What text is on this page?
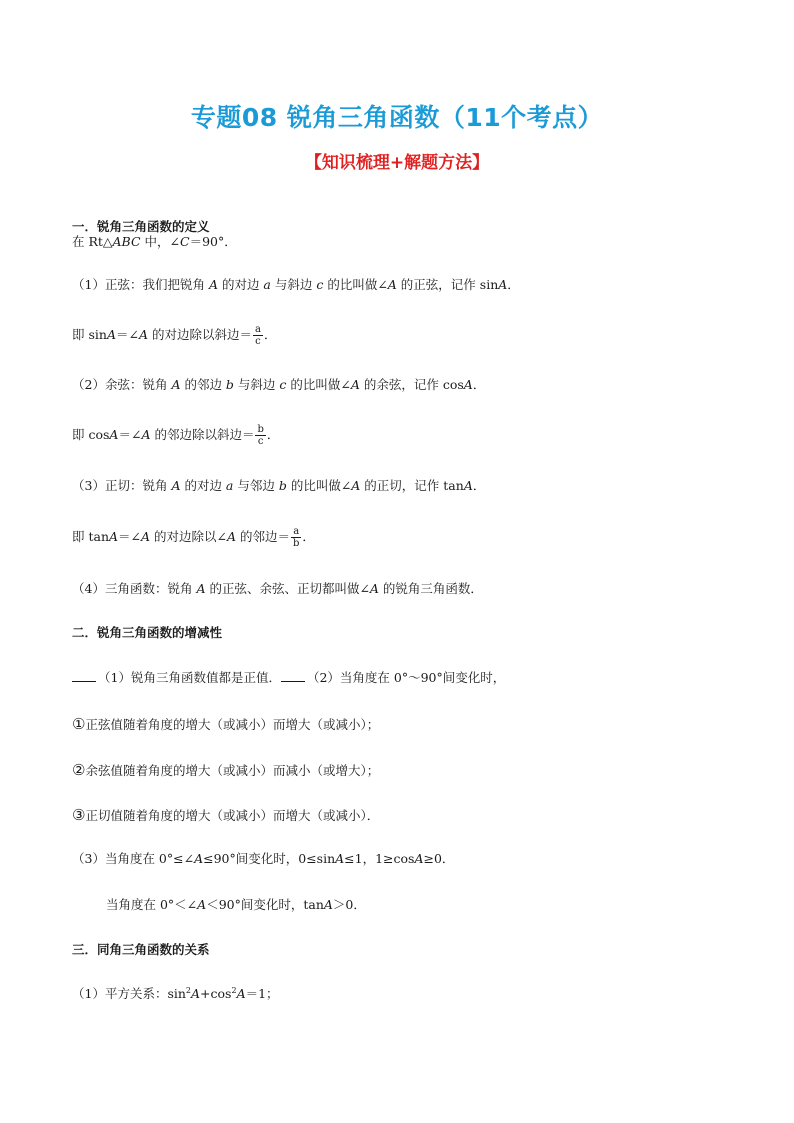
专题08 锐角三角函数（11个考点）
【知识梳理+解题方法】
一．锐角三角函数的定义
在 Rt△ABC 中，∠C＝90°．
（1）正弦：我们把锐角 A 的对边 a 与斜边 c 的比叫做∠A 的正弦，记作 sinA．
即 sinA＝∠A 的对边除以斜边＝ $\frac{a}{c}$ ．
（2）余弦：锐角 A 的邻边 b 与斜边 c 的比叫做∠A 的余弦，记作 cosA．
即 cosA＝∠A 的邻边除以斜边＝ $\frac{b}{c}$ ．
（3）正切：锐角 A 的对边 a 与邻边 b 的比叫做∠A 的正切，记作 tanA．
即 tanA＝∠A 的对边除以∠A 的邻边＝ $\frac{a}{b}$ ．
（4）三角函数：锐角 A 的正弦、余弦、正切都叫做∠A 的锐角三角函数．
二．锐角三角函数的增减性
（1）锐角三角函数值都是正值． （2）当角度在 0°～90°间变化时，
①正弦值随着角度的增大（或减小）而增大（或减小）；
②余弦值随着角度的增大（或减小）而减小（或增大）；
③正切值随着角度的增大（或减小）而增大（或减小）．
（3）当角度在 0°≤∠A≤90°间变化时，0≤sinA≤1，1≥cosA≥0．
当角度在 0°＜∠A＜90°间变化时，tanA＞0．
三．同角三角函数的关系
（1）平方关系：$\sin^2A+\cos^2A=1$；
